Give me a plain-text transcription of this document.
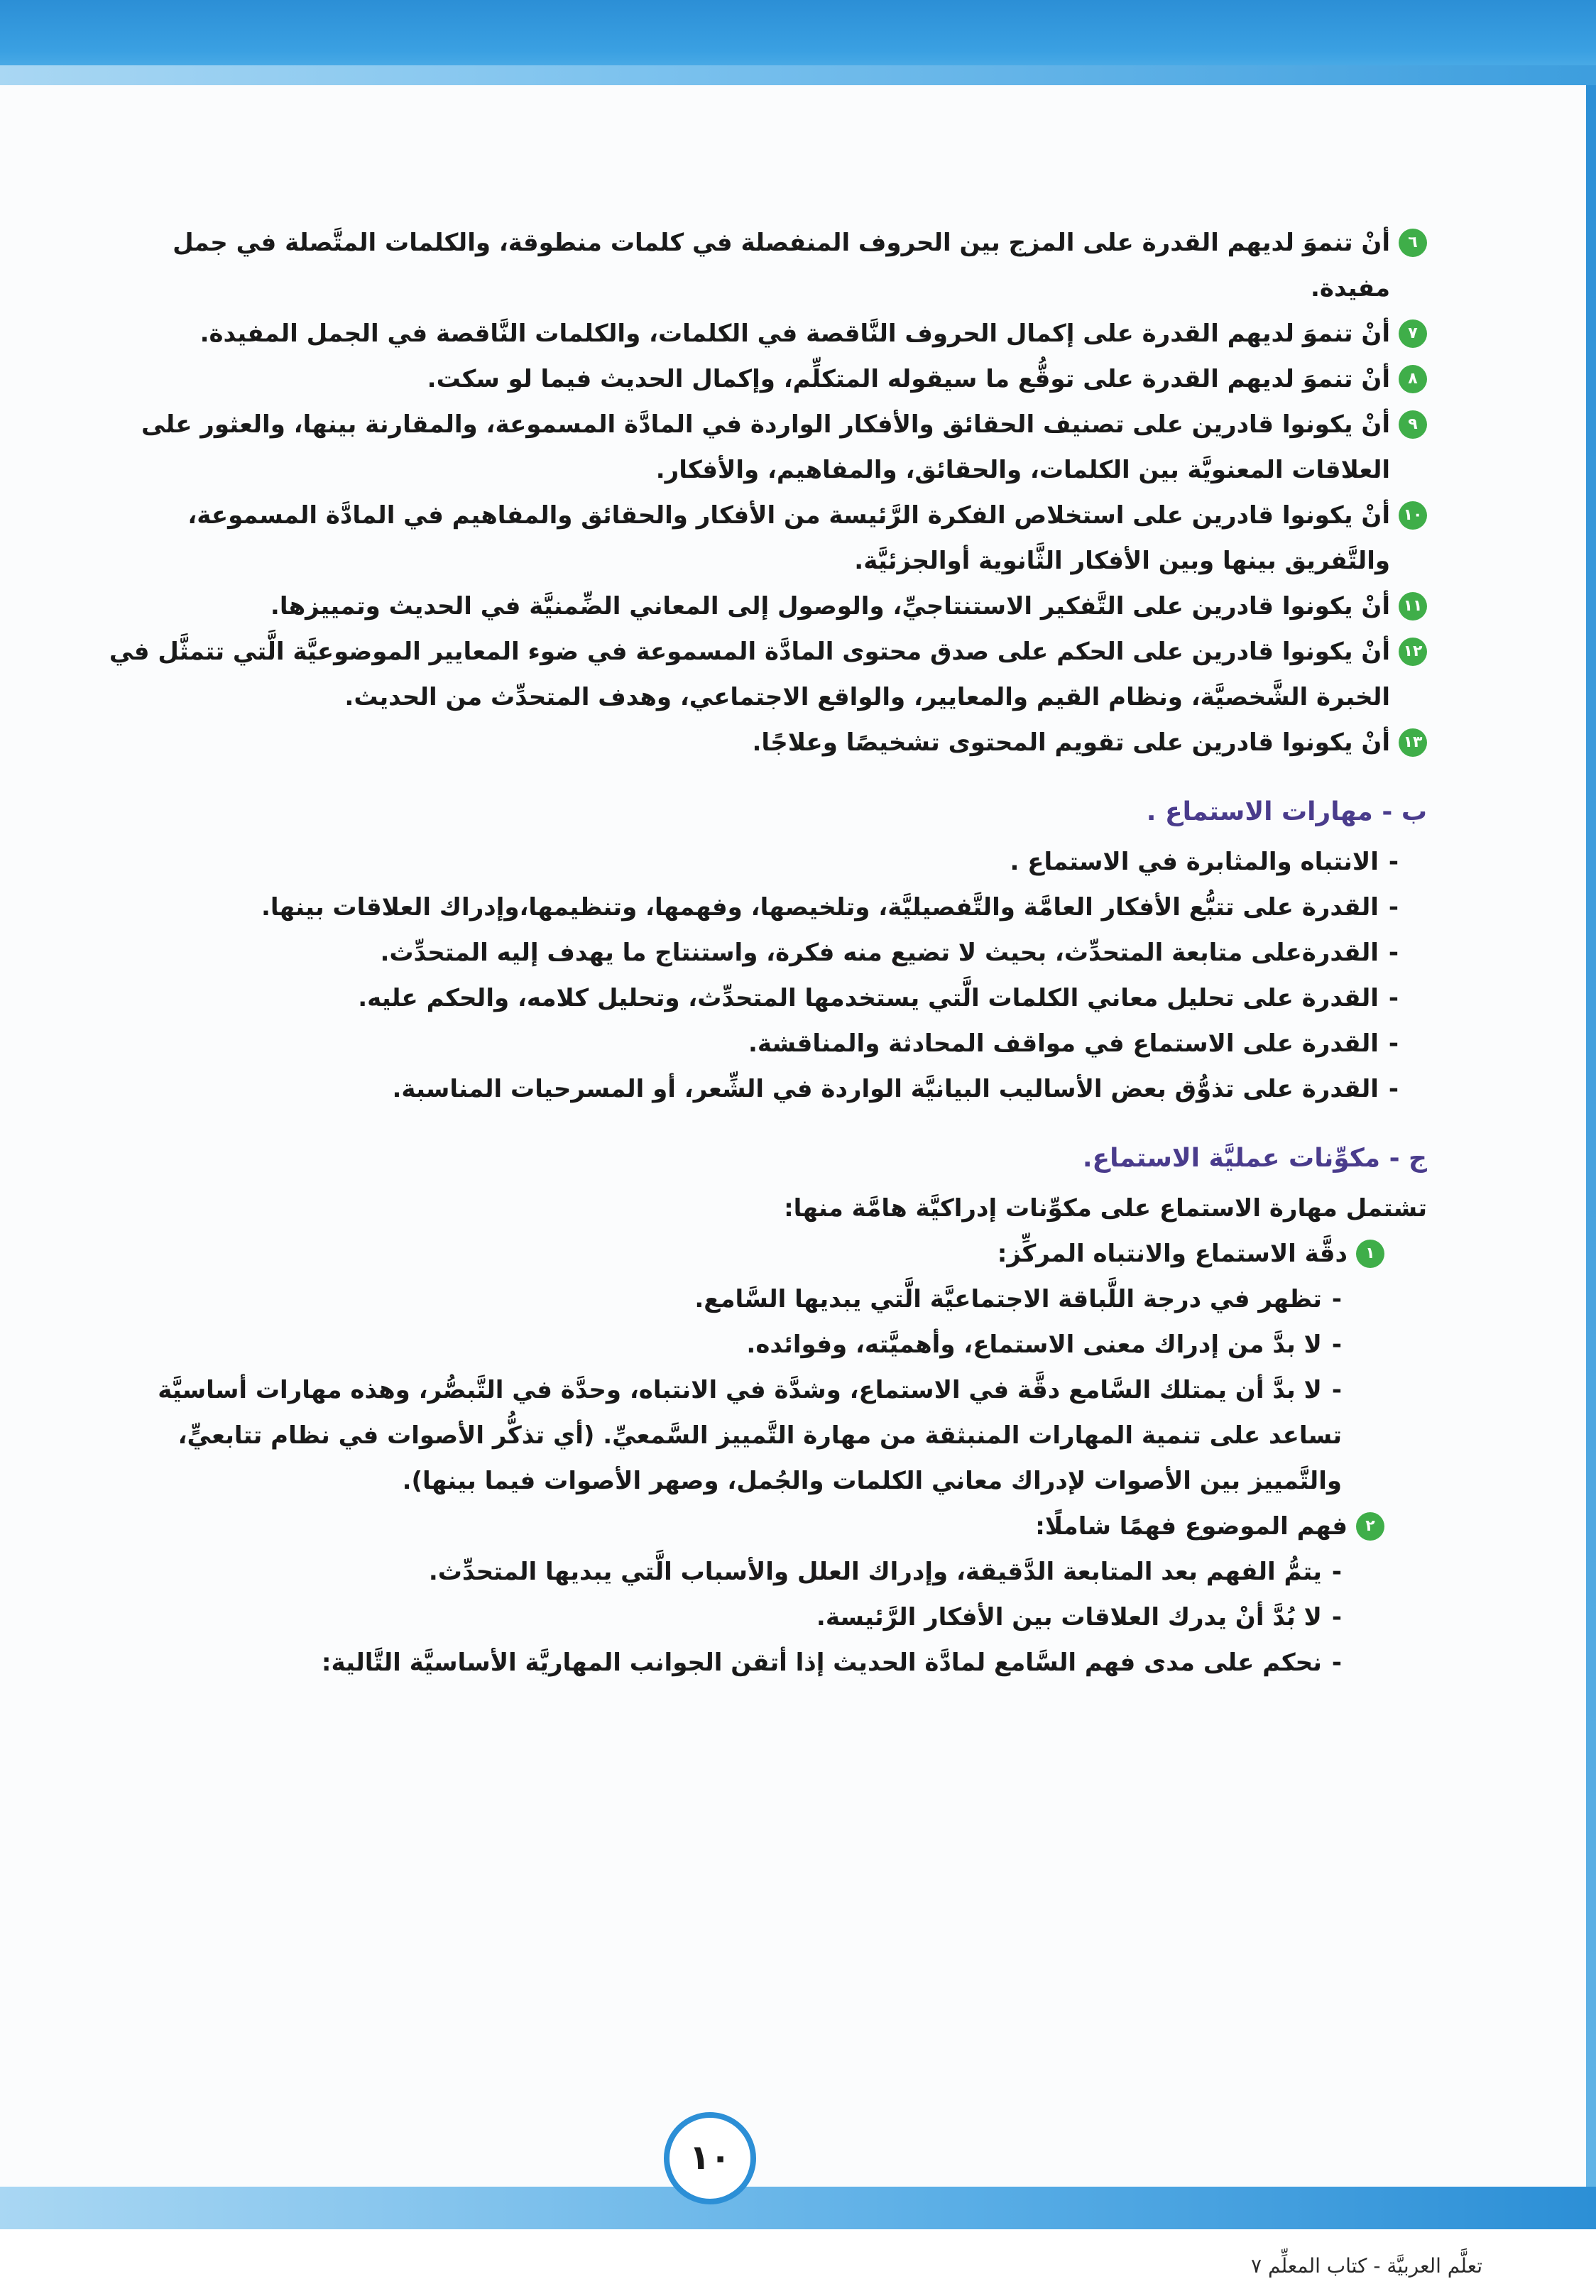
٦
أنْ تنموَ لديهم القدرة على المزج بين الحروف المنفصلة في كلمات منطوقة، والكلمات المتَّصلة في جمل مفيدة.
٧
أنْ تنموَ لديهم القدرة على إكمال الحروف النَّاقصة في الكلمات، والكلمات النَّاقصة في الجمل المفيدة.
٨
أنْ تنموَ لديهم القدرة على توقُّع ما سيقوله المتكلِّم، وإكمال الحديث فيما لو سكت.
٩
أنْ يكونوا قادرين على تصنيف الحقائق والأفكار الواردة في المادَّة المسموعة، والمقارنة بينها، والعثور على العلاقات المعنويَّة بين الكلمات، والحقائق، والمفاهيم، والأفكار.
١٠
أنْ يكونوا قادرين على استخلاص الفكرة الرَّئيسة من الأفكار والحقائق والمفاهيم في المادَّة المسموعة، والتَّفريق بينها وبين الأفكار الثَّانوية أوالجزئيَّة.
١١
أنْ يكونوا قادرين على التَّفكير الاستنتاجيِّ، والوصول إلى المعاني الضِّمنيَّة في الحديث وتمييزها.
١٢
أنْ يكونوا قادرين على الحكم على صدق محتوى المادَّة المسموعة في ضوء المعايير الموضوعيَّة الَّتي تتمثَّل في الخبرة الشَّخصيَّة، ونظام القيم والمعايير، والواقع الاجتماعي، وهدف المتحدِّث من الحديث.
١٣
أنْ يكونوا قادرين على تقويم المحتوى تشخيصًا وعلاجًا.
ب - مهارات الاستماع .
-الانتباه والمثابرة في الاستماع .
-القدرة على تتبُّع الأفكار العامَّة والتَّفصيليَّة، وتلخيصها، وفهمها، وتنظيمها،وإدراك العلاقات بينها.
-القدرةعلى متابعة المتحدِّث، بحيث لا تضيع منه فكرة، واستنتاج ما يهدف إليه المتحدِّث.
-القدرة على تحليل معاني الكلمات الَّتي يستخدمها المتحدِّث، وتحليل كلامه، والحكم عليه.
-القدرة على الاستماع في مواقف المحادثة والمناقشة.
-القدرة على تذوُّق بعض الأساليب البيانيَّة الواردة في الشِّعر، أو المسرحيات المناسبة.
ج - مكوِّنات عمليَّة الاستماع.
تشتمل مهارة الاستماع على مكوِّنات إدراكيَّة هامَّة منها:
١
دقَّة الاستماع والانتباه المركِّز:
-تظهر في درجة اللَّباقة الاجتماعيَّة الَّتي يبديها السَّامع.
-لا بدَّ من إدراك معنى الاستماع، وأهميَّته، وفوائده.
-لا بدَّ أن يمتلك السَّامع دقَّة في الاستماع، وشدَّة في الانتباه، وحدَّة في التَّبصُّر، وهذه مهارات أساسيَّة تساعد على تنمية المهارات المنبثقة من مهارة التَّمييز السَّمعيِّ. (أي تذكُّر الأصوات في نظام تتابعيٍّ، والتَّمييز بين الأصوات لإدراك معاني الكلمات والجُمل، وصهر الأصوات فيما بينها).
٢
فهم الموضوع فهمًا شاملًا:
-يتمُّ الفهم بعد المتابعة الدَّقيقة، وإدراك العلل والأسباب الَّتي يبديها المتحدِّث.
-لا بُدَّ أنْ يدرك العلاقات بين الأفكار الرَّئيسة.
-نحكم على مدى فهم السَّامع لمادَّة الحديث إذا أتقن الجوانب المهاريَّة الأساسيَّة التَّالية:
١٠
تعلَّم العربيَّة - كتاب المعلِّم ٧
